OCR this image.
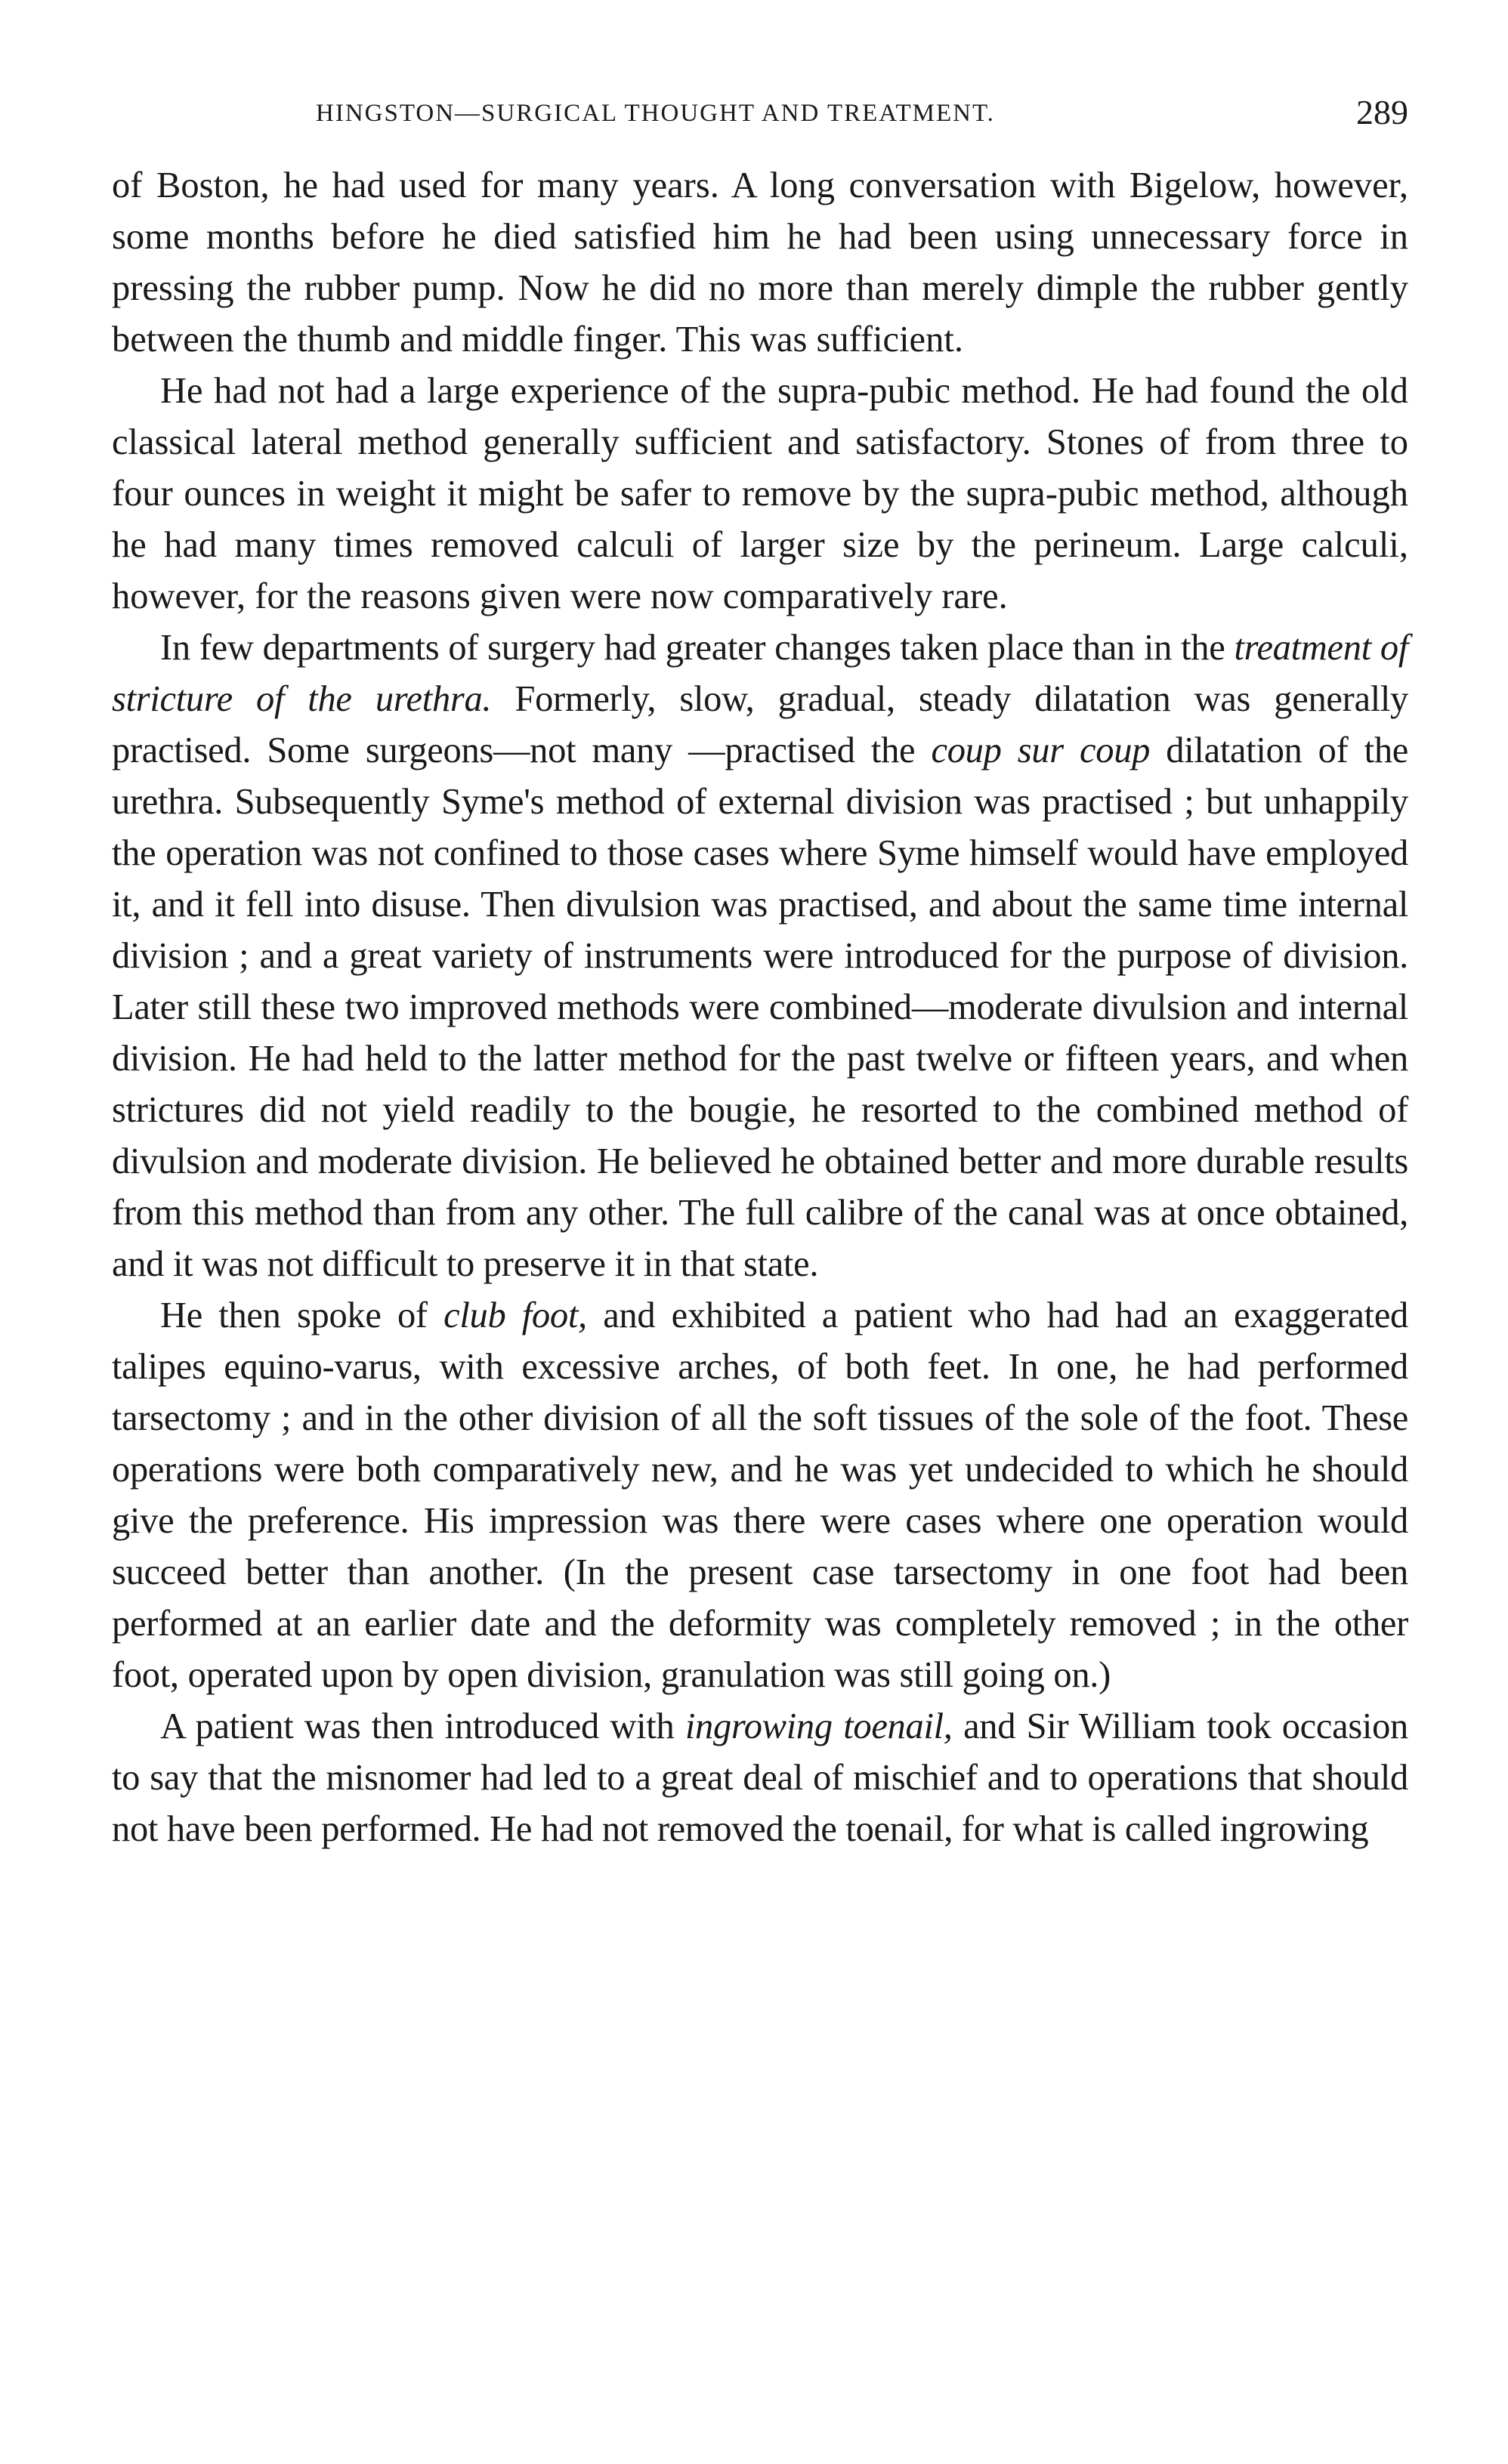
HINGSTON—SURGICAL THOUGHT AND TREATMENT.	289

of Boston, he had used for many years. A long conversation with Bigelow, however, some months before he died satisfied him he had been using unnecessary force in pressing the rubber pump. Now he did no more than merely dimple the rubber gently between the thumb and middle finger. This was sufficient.

He had not had a large experience of the supra-pubic method. He had found the old classical lateral method generally sufficient and satisfactory. Stones of from three to four ounces in weight it might be safer to remove by the supra-pubic method, although he had many times removed calculi of larger size by the perineum. Large calculi, however, for the reasons given were now comparatively rare.

In few departments of surgery had greater changes taken place than in the treatment of stricture of the urethra. Formerly, slow, gradual, steady dilatation was generally practised. Some surgeons—not many —practised the coup sur coup dilatation of the urethra. Subsequently Syme's method of external division was practised ; but unhappily the operation was not confined to those cases where Syme himself would have employed it, and it fell into disuse. Then divulsion was practised, and about the same time internal division ; and a great variety of instruments were introduced for the purpose of division. Later still these two improved methods were combined—moderate divulsion and internal division. He had held to the latter method for the past twelve or fifteen years, and when strictures did not yield readily to the bougie, he resorted to the combined method of divulsion and moderate division. He believed he obtained better and more durable results from this method than from any other. The full calibre of the canal was at once obtained, and it was not difficult to preserve it in that state.

He then spoke of club foot, and exhibited a patient who had had an exaggerated talipes equino-varus, with excessive arches, of both feet. In one, he had performed tarsectomy ; and in the other division of all the soft tissues of the sole of the foot. These operations were both comparatively new, and he was yet undecided to which he should give the preference. His impression was there were cases where one operation would succeed better than another. (In the present case tarsectomy in one foot had been performed at an earlier date and the deformity was completely removed ; in the other foot, operated upon by open division, granulation was still going on.)

A patient was then introduced with ingrowing toenail, and Sir William took occasion to say that the misnomer had led to a great deal of mischief and to operations that should not have been performed. He had not removed the toenail, for what is called ingrowing
